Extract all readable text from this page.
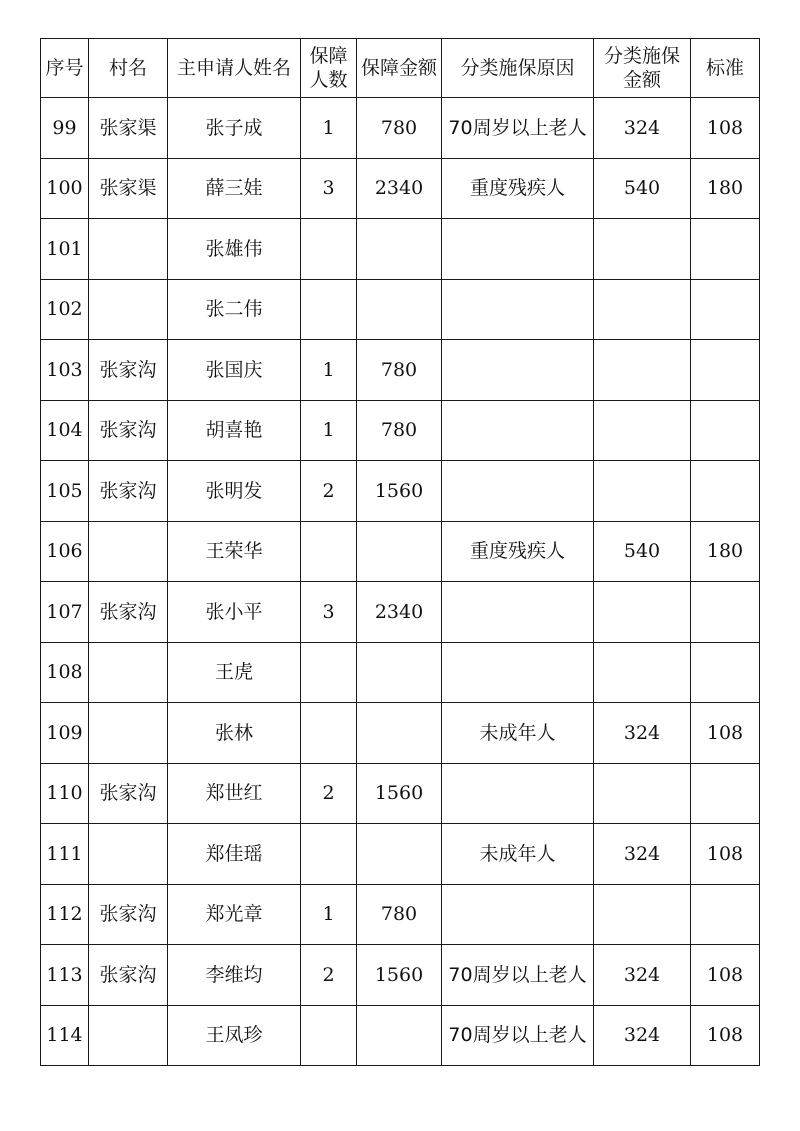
序号	村名	主申请人姓名	保障人数	保障金额	分类施保原因	分类施保金额	标准
99	张家渠	张子成	1	780	70周岁以上老人	324	108
100	张家渠	薛三娃	3	2340	重度残疾人	540	180
101		张雄伟					
102		张二伟					
103	张家沟	张国庆	1	780			
104	张家沟	胡喜艳	1	780			
105	张家沟	张明发	2	1560			
106		王荣华			重度残疾人	540	180
107	张家沟	张小平	3	2340			
108		王虎					
109		张林			未成年人	324	108
110	张家沟	郑世红	2	1560			
111		郑佳瑶			未成年人	324	108
112	张家沟	郑光章	1	780			
113	张家沟	李维均	2	1560	70周岁以上老人	324	108
114		王凤珍			70周岁以上老人	324	108
